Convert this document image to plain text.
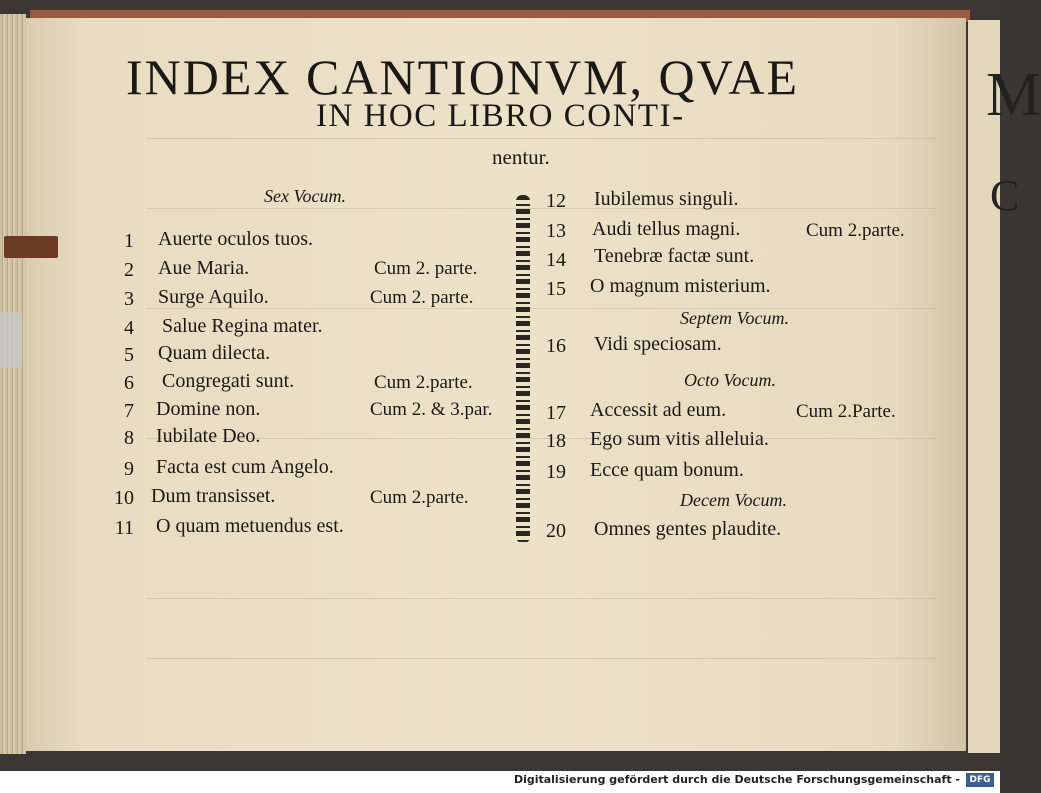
M
C
INDEX CANTIONVM, QVAE
IN HOC LIBRO CONTI-
nentur.
Sex Vocum.
1 Auerte oculos tuos.
2 Aue Maria.	Cum 2. parte.
3 Surge Aquilo.	Cum 2. parte.
4 Salue Regina mater.
5 Quam dilecta.
6 Congregati sunt.	Cum 2.parte.
7 Domine non.	Cum 2. & 3.par.
8 Iubilate Deo.
9 Facta est cum Angelo.
10 Dum transisset.	Cum 2.parte.
11 O quam metuendus est.
12 Iubilemus singuli.
13 Audi tellus magni.	Cum 2.parte.
14 Tenebræ factæ sunt.
15 O magnum misterium.
Septem Vocum.
16 Vidi speciosam.
Octo Vocum.
17 Accessit ad eum.	Cum 2.Parte.
18 Ego sum vitis alleluia.
19 Ecce quam bonum.
Decem Vocum.
20 Omnes gentes plaudite.
Digitalisierung gefördert durch die Deutsche Forschungsgemeinschaft -	DFG
